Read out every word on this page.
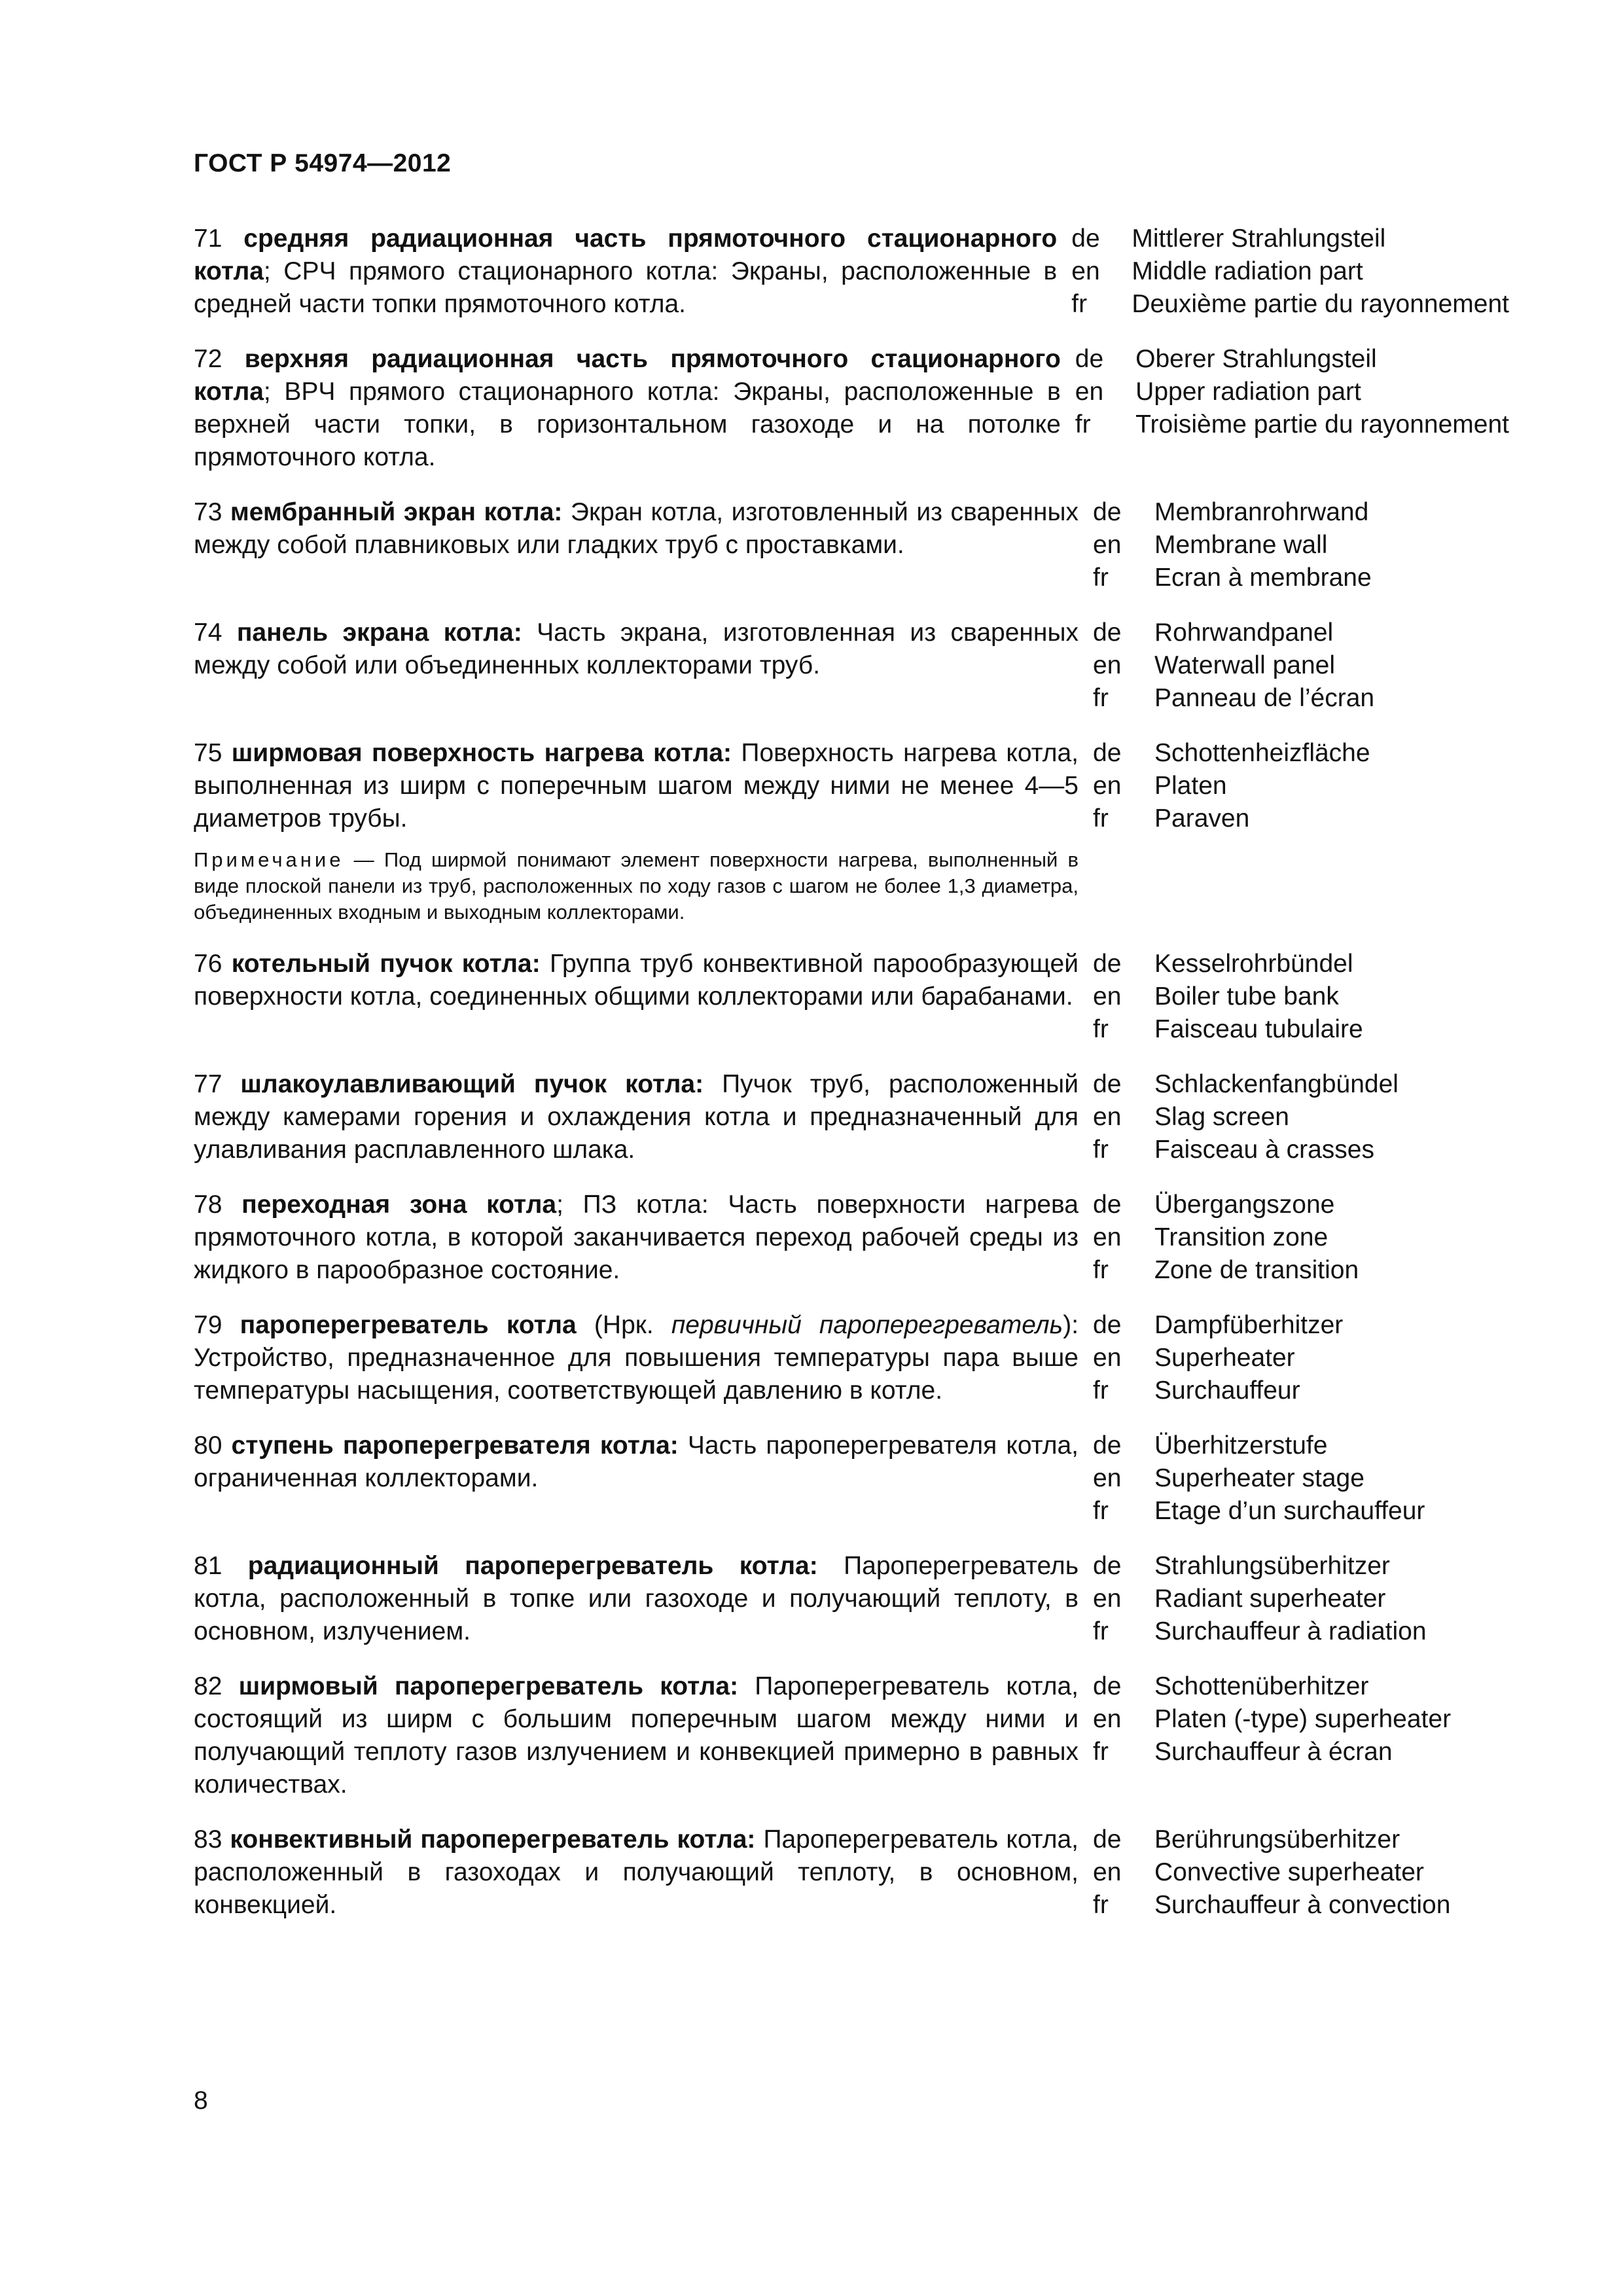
ГОСТ Р 54974—2012
71 средняя радиационная часть прямоточного стационарного котла; СРЧ прямого стационарного котла: Экраны, расположенные в средней части топки прямоточного котла.
de
en
fr
Mittlerer Strahlungsteil
Middle radiation part
Deuxième partie du rayonnement
72 верхняя радиационная часть прямоточного стационарного котла; ВРЧ прямого стационарного котла: Экраны, расположенные в верхней части топки, в горизонтальном газоходе и на потолке прямоточного котла.
de
en
fr
Oberer Strahlungsteil
Upper radiation part
Troisième partie du rayonnement
73 мембранный экран котла: Экран котла, изготовленный из сваренных между собой плавниковых или гладких труб с проставками.
de
en
fr
Membranrohrwand
Membrane wall
Ecran à membrane
74 панель экрана котла: Часть экрана, изготовленная из сваренных между собой или объединенных коллекторами труб.
de
en
fr
Rohrwandpanel
Waterwall panel
Panneau de l’écran
75 ширмовая поверхность нагрева котла: Поверхность нагрева котла, выполненная из ширм с поперечным шагом между ними не менее 4—5 диаметров трубы.
Примечание — Под ширмой понимают элемент поверхности нагрева, выполненный в виде плоской панели из труб, расположенных по ходу газов с шагом не более 1,3 диаметра, объединенных входным и выходным коллекторами.
de
en
fr
Schottenheizfläche
Platen
Paraven
76 котельный пучок котла: Группа труб конвективной парообразующей поверхности котла, соединенных общими коллекторами или барабанами.
de
en
fr
Kesselrohrbündel
Boiler tube bank
Faisceau tubulaire
77 шлакоулавливающий пучок котла: Пучок труб, расположенный между камерами горения и охлаждения котла и предназначенный для улавливания расплавленного шлака.
de
en
fr
Schlackenfangbündel
Slag screen
Faisceau à crasses
78 переходная зона котла; ПЗ котла: Часть поверхности нагрева прямоточного котла, в которой заканчивается переход рабочей среды из жидкого в парообразное состояние.
de
en
fr
Übergangszone
Transition zone
Zone de transition
79 пароперегреватель котла (Нрк. первичный пароперегреватель): Устройство, предназначенное для повышения температуры пара выше температуры насыщения, соответствующей давлению в котле.
de
en
fr
Dampfüberhitzer
Superheater
Surchauffeur
80 ступень пароперегревателя котла: Часть пароперегревателя котла, ограниченная коллекторами.
de
en
fr
Überhitzerstufe
Superheater stage
Etage d’un surchauffeur
81 радиационный пароперегреватель котла: Пароперегреватель котла, расположенный в топке или газоходе и получающий теплоту, в основном, излучением.
de
en
fr
Strahlungsüberhitzer
Radiant superheater
Surchauffeur à radiation
82 ширмовый пароперегреватель котла: Пароперегреватель котла, состоящий из ширм с большим поперечным шагом между ними и получающий теплоту газов излучением и конвекцией примерно в равных количествах.
de
en
fr
Schottenüberhitzer
Platen (-type) superheater
Surchauffeur à écran
83 конвективный пароперегреватель котла: Пароперегреватель котла, расположенный в газоходах и получающий теплоту, в основном, конвекцией.
de
en
fr
Berührungsüberhitzer
Convective superheater
Surchauffeur à convection
8
